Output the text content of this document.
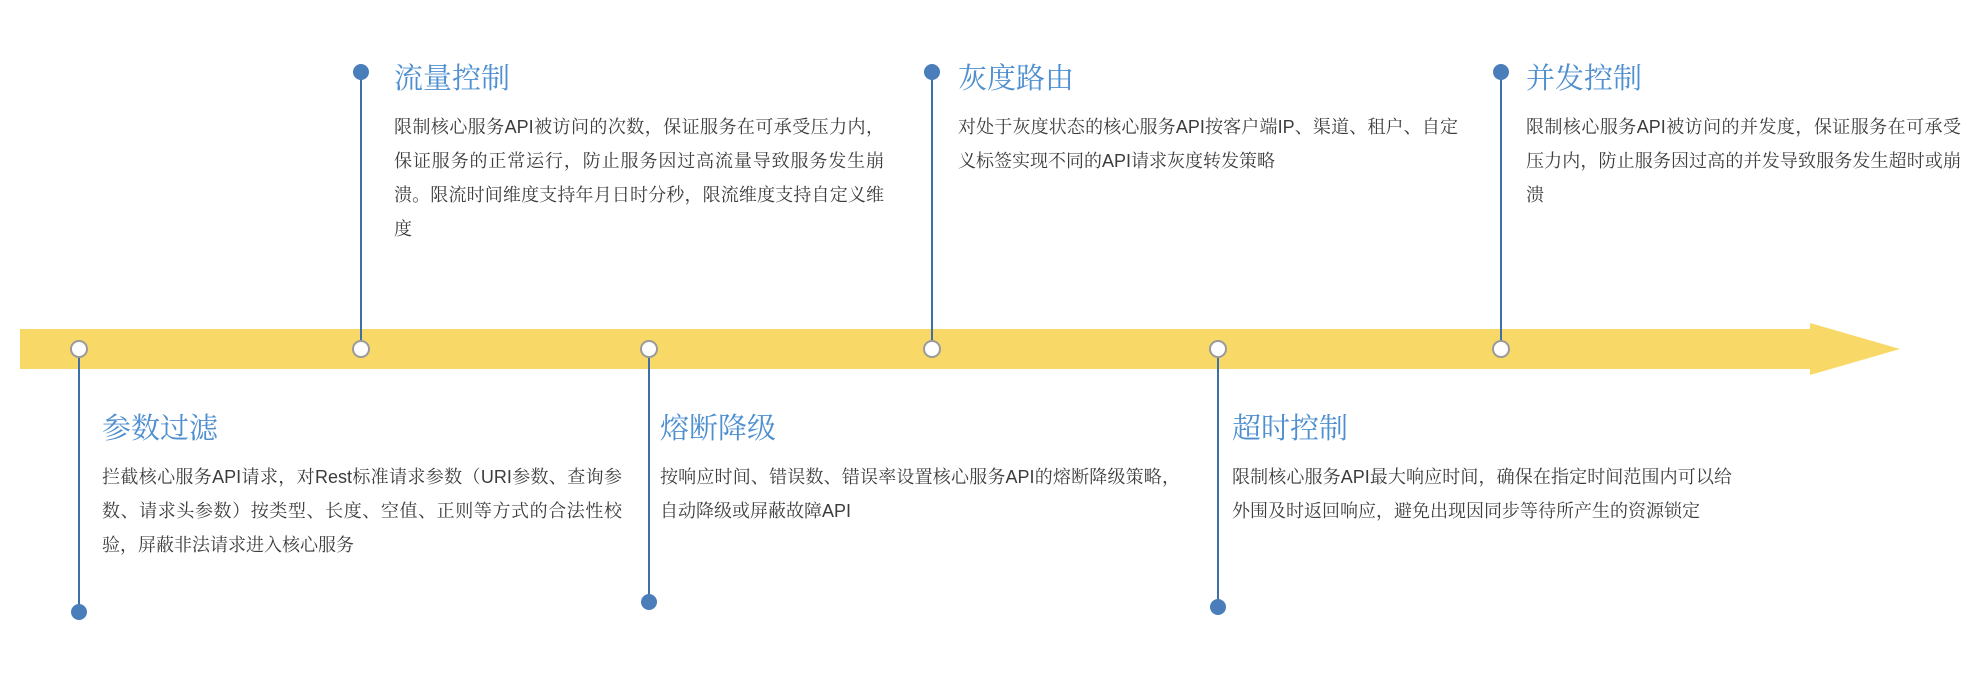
参数过滤
拦截核心服务API请求，对Rest标准请求参数（URI参数、查询参数、请求头参数）按类型、长度、空值、正则等方式的合法性校验，屏蔽非法请求进入核心服务
流量控制
限制核心服务API被访问的次数，保证服务在可承受压力内，保证服务的正常运行，防止服务因过高流量导致服务发生崩溃。限流时间维度支持年月日时分秒，限流维度支持自定义维度
熔断降级
按响应时间、错误数、错误率设置核心服务API的熔断降级策略，自动降级或屏蔽故障API
灰度路由
对处于灰度状态的核心服务API按客户端IP、渠道、租户、自定义标签实现不同的API请求灰度转发策略
超时控制
限制核心服务API最大响应时间，确保在指定时间范围内可以给外围及时返回响应，避免出现因同步等待所产生的资源锁定
并发控制
限制核心服务API被访问的并发度，保证服务在可承受压力内，防止服务因过高的并发导致服务发生超时或崩溃
